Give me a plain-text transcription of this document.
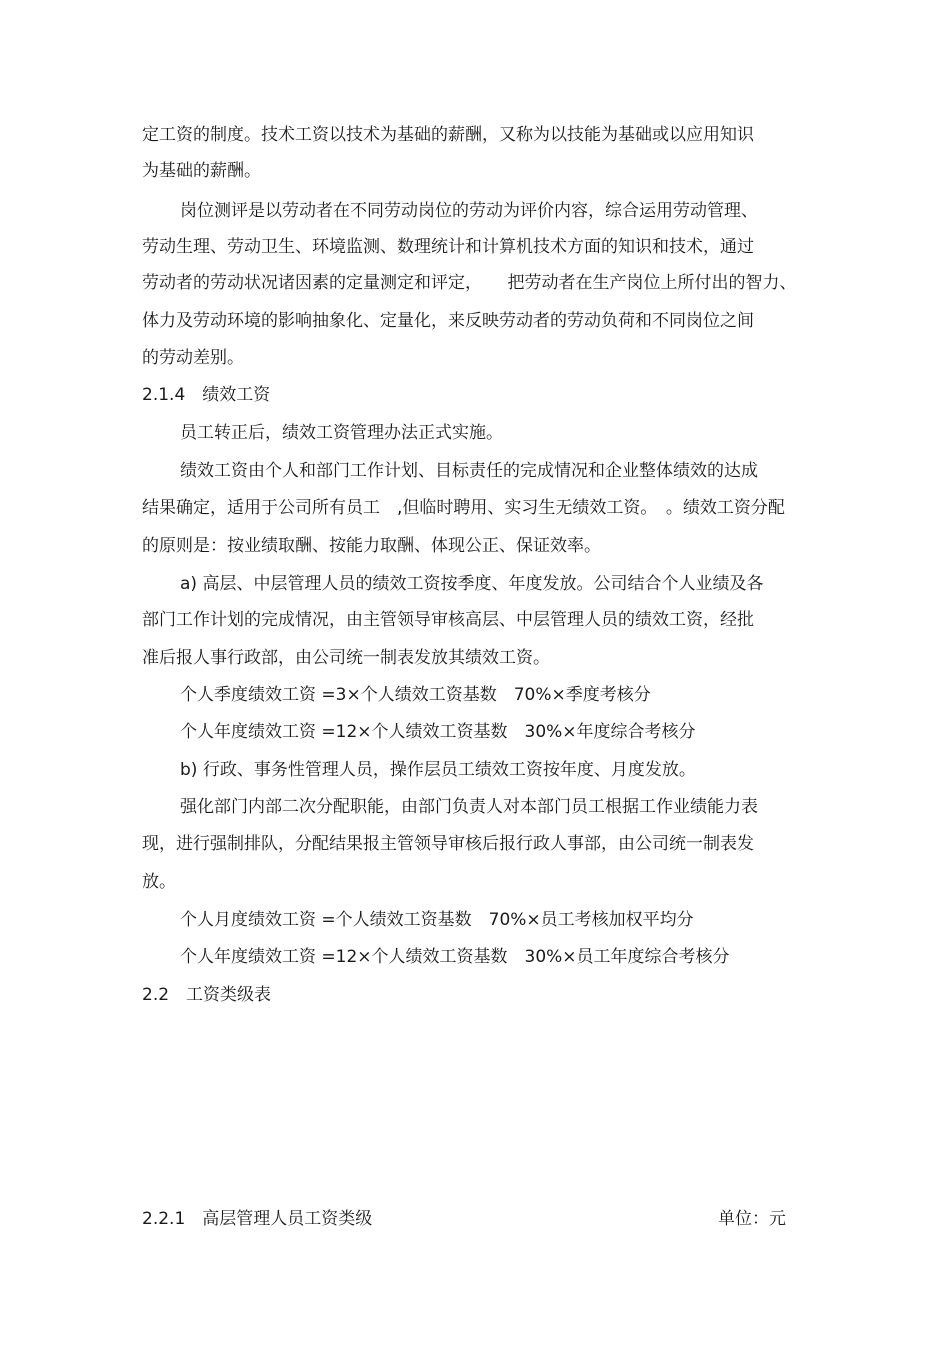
定工资的制度。技术工资以技术为基础的薪酬，又称为以技能为基础或以应用知识
为基础的薪酬。
岗位测评是以劳动者在不同劳动岗位的劳动为评价内容，综合运用劳动管理、
劳动生理、劳动卫生、环境监测、数理统计和计算机技术方面的知识和技术，通过
劳动者的劳动状况诸因素的定量测定和评定，　　把劳动者在生产岗位上所付出的智力、
体力及劳动环境的影响抽象化、定量化，来反映劳动者的劳动负荷和不同岗位之间
的劳动差别。
2.1.4　绩效工资
员工转正后，绩效工资管理办法正式实施。
绩效工资由个人和部门工作计划、目标责任的完成情况和企业整体绩效的达成
结果确定，适用于公司所有员工　,但临时聘用、实习生无绩效工资。　。绩效工资分配
的原则是：按业绩取酬、按能力取酬、体现公正、保证效率。
a) 高层、中层管理人员的绩效工资按季度、年度发放。公司结合个人业绩及各
部门工作计划的完成情况，由主管领导审核高层、中层管理人员的绩效工资，经批
准后报人事行政部，由公司统一制表发放其绩效工资。
个人季度绩效工资 =3×个人绩效工资基数　70%×季度考核分
个人年度绩效工资 =12×个人绩效工资基数　30%×年度综合考核分
b) 行政、事务性管理人员，操作层员工绩效工资按年度、月度发放。
强化部门内部二次分配职能，由部门负责人对本部门员工根据工作业绩能力表
现，进行强制排队，分配结果报主管领导审核后报行政人事部，由公司统一制表发
放。
个人月度绩效工资 =个人绩效工资基数　70%×员工考核加权平均分
个人年度绩效工资 =12×个人绩效工资基数　30%×员工年度综合考核分
2.2　工资类级表
2.2.1　高层管理人员工资类级	单位：元
